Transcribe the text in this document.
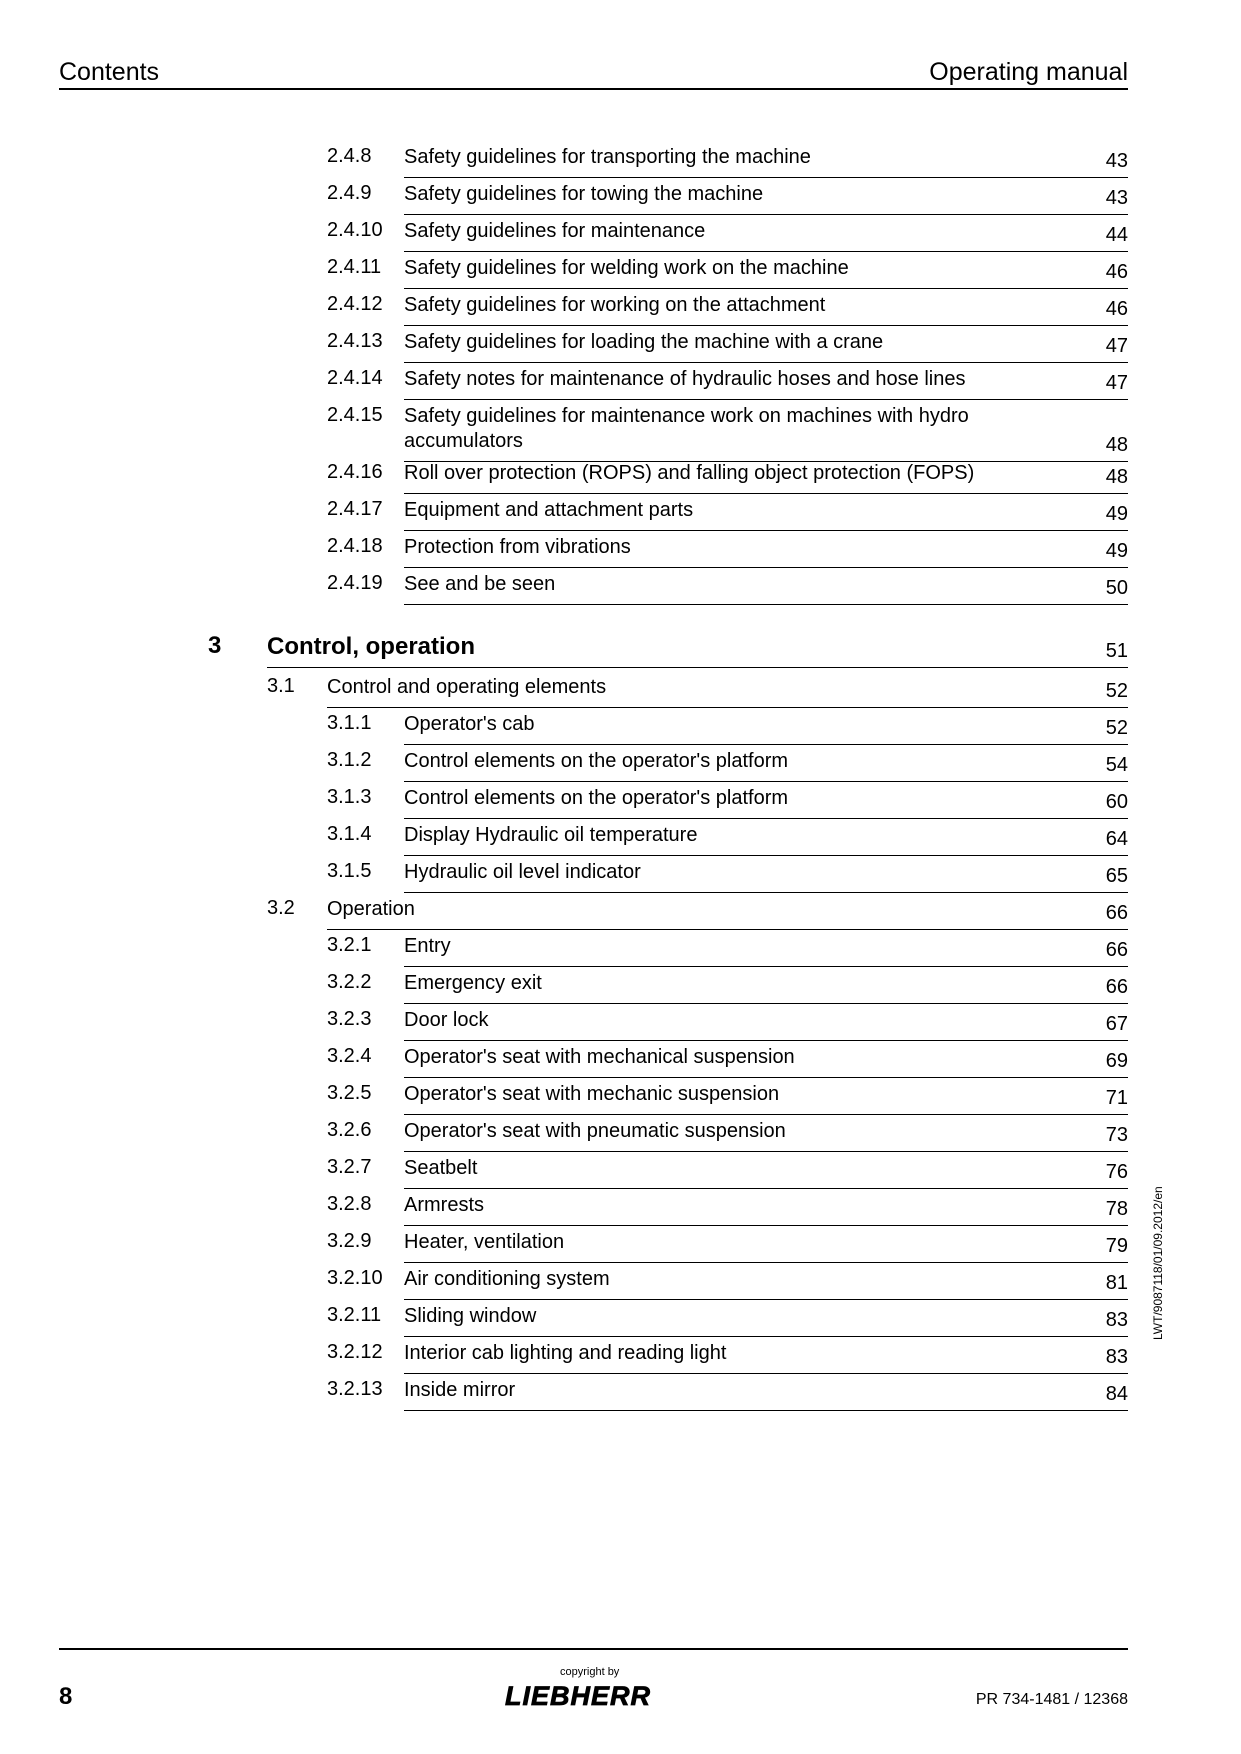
Contents	Operating manual
2.4.8 Safety guidelines for transporting the machine	43
2.4.9 Safety guidelines for towing the machine	43
2.4.10 Safety guidelines for maintenance	44
2.4.11 Safety guidelines for welding work on the machine	46
2.4.12 Safety guidelines for working on the attachment	46
2.4.13 Safety guidelines for loading the machine with a crane	47
2.4.14 Safety notes for maintenance of hydraulic hoses and hose lines	47
2.4.15 Safety guidelines for maintenance work on machines with hydro accumulators	48
2.4.16 Roll over protection (ROPS) and falling object protection (FOPS)	48
2.4.17 Equipment and attachment parts	49
2.4.18 Protection from vibrations	49
2.4.19 See and be seen	50
3 Control, operation	51
3.1 Control and operating elements	52
3.1.1 Operator's cab	52
3.1.2 Control elements on the operator's platform	54
3.1.3 Control elements on the operator's platform	60
3.1.4 Display Hydraulic oil temperature	64
3.1.5 Hydraulic oil level indicator	65
3.2 Operation	66
3.2.1 Entry	66
3.2.2 Emergency exit	66
3.2.3 Door lock	67
3.2.4 Operator's seat with mechanical suspension	69
3.2.5 Operator's seat with mechanic suspension	71
3.2.6 Operator's seat with pneumatic suspension	73
3.2.7 Seatbelt	76
3.2.8 Armrests	78
3.2.9 Heater, ventilation	79
3.2.10 Air conditioning system	81
3.2.11 Sliding window	83
3.2.12 Interior cab lighting and reading light	83
3.2.13 Inside mirror	84
LWT/9087118/01/09.2012/en
8
copyright by
LIEBHERR	PR 734-1481 / 12368
